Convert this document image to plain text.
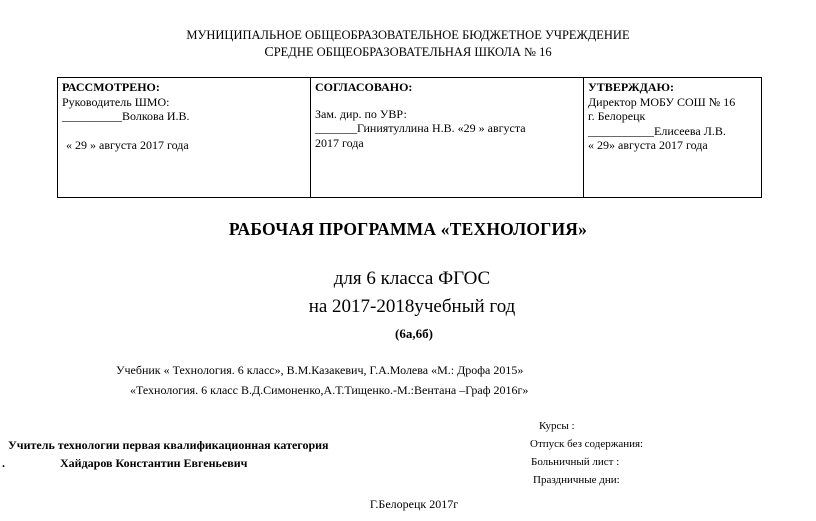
МУНИЦИПАЛЬНОЕ ОБЩЕОБРАЗОВАТЕЛЬНОЕ БЮДЖЕТНОЕ УЧРЕЖДЕНИЕ
СРЕДНЕ ОБЩЕОБРАЗОВАТЕЛЬНАЯ ШКОЛА № 16
РАССМОТРЕНО:
Руководитель ШМО:
__________Волкова И.В.
« 29 » августа 2017 года

СОГЛАСОВАНО:
Зам. дир. по УВР:
_______Гиниятуллина Н.В. «29 » августа
2017 года

УТВЕРЖДАЮ:
Директор МОБУ СОШ № 16
г. Белорецк
___________Елисеева Л.В.
« 29» августа 2017 года
РАБОЧАЯ ПРОГРАММА «ТЕХНОЛОГИЯ»
для 6 класса ФГОС
на 2017-2018учебный год
(6а,6б)
Учебник « Технология. 6 класс», В.М.Казакевич, Г.А.Молева «М.: Дрофа 2015»
«Технология. 6 класс В.Д.Симоненко,А.Т.Тищенко.-М.:Вентана –Граф 2016г»
Курсы :
Учитель технологии первая квалификационная категория	Отпуск без содержания:
.	Хайдаров Константин Евгеньевич	Больничный лист :
Праздничные дни:
Г.Белорецк 2017г
